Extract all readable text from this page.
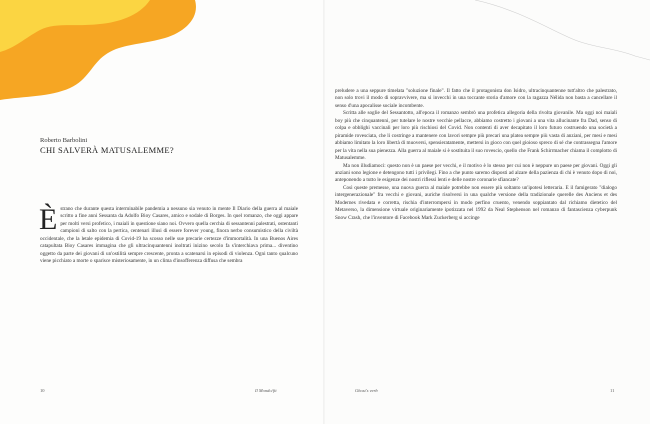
Roberto Barbolini
CHI SALVERÀ MATUSALEMME?
È strano che durante questa interminabile pandemia a nessuno sia venuto in mente Il Diario della guerra al maiale scritto a fine anni Sessanta da Adolfo Bioy Casares, amico e sodale di Borges. In quel romanzo, che oggi appare per molti versi profetico, i maiali in questione siano noi. Ovvero quella cerchia di sessantenni palestrati, ostentanti campioni di salto con la pertica, centenari illusi di essere forever young, finora nerbo consumistico della civiltà occidentale, che la letale epidemia di Covid-19 ha scosso nelle sue precarie certezze d'immortalità. In una Buenos Aires catapultata Bioy Casares immagina che gli ultracinquantenni inoltrati inizino secolo fa s'interchiava prima... diventino oggetto da parte dei giovani di un'ostilità sempre crescente, pronta a scatenarsi in episodi di violenza. Ogni tanto qualcuno viene picchiato a morte o sparisce misteriosamente, in un clima d'insofferenza diffusa che sembra

10	Il Mondo/fit

preludere a una seppure timelata "soluzione finale". Il fatto che il protagonista don Isidro, ultracinquantenne tutt'altro che palestrato, non solo trovi il modo di sopravvivere, ma si invecchi in una toccante storia d'amore con la ragazza Nélida non basta a cancellare il senso d'una apocalisse sociale incombente.

Scritta alle soglie del Sessantotto, all'epoca il romanzo sembrò una profetica allegoria della rivolta giovanile. Ma oggi noi maiali boy più che cinquantenni, per tutelare le nostre vecchie pellacce, abbiamo costretto i giovani a una vita allucinante fra Dad, senso di colpa e obblighi vaccinali per loro più rischiosi del Covid. Non contenti di aver decapitato il loro futuro costruendo una società a piramide rovesciata, che li costringe a mantenere con lavori sempre più precari una platea sempre più vasta di anziani, per mesi e mesi abbiamo limitato la loro libertà di muoversi, spensieratamente, mettersi in gioco con quel gioioso spreco di sé che contrassegna l'amore per la vita nella sua pienezza. Alla guerra al maiale si è sostituita il suo rovescio, quello che Frank Schirrmacher chiama il complotto di Matusalemme.

Ma non illudiamoci: questo non è un paese per vecchi, e il motivo è lo stesso per cui non è neppure un paese per giovani. Oggi gli anziani sono legione e detengono tutti i privilegi. Fino a che punto saremo disposti ad alzare della pazienza di chi è venuto dopo di noi, anteponendo a tutto le esigenze dei nostri riflessi lenti e delle nostre coronarie sfiancate?

Così queste premesse, una nuova guerra al maiale potrebbe non essere più soltanto un'ipotesi letteraria. E il famigerato "dialogo intergenerazionale" fra vecchi e giovani, auriche risolversi in una qualche versione della tradizionale querelle des Anciens et des Modernes rivedata e corretta, rischia d'interrompersi in modo perfino cruento, venendo soppiantato dal richiamo dietetico del Metaverso, la dimensione virtuale originariamente ipotizzata nel 1992 da Neal Stephenson nel romanzo di fantascienza cyberpunk Snow Crash, che l'inventore di Facebook Mark Zuckerberg si accinge

Ghost's verb	11
